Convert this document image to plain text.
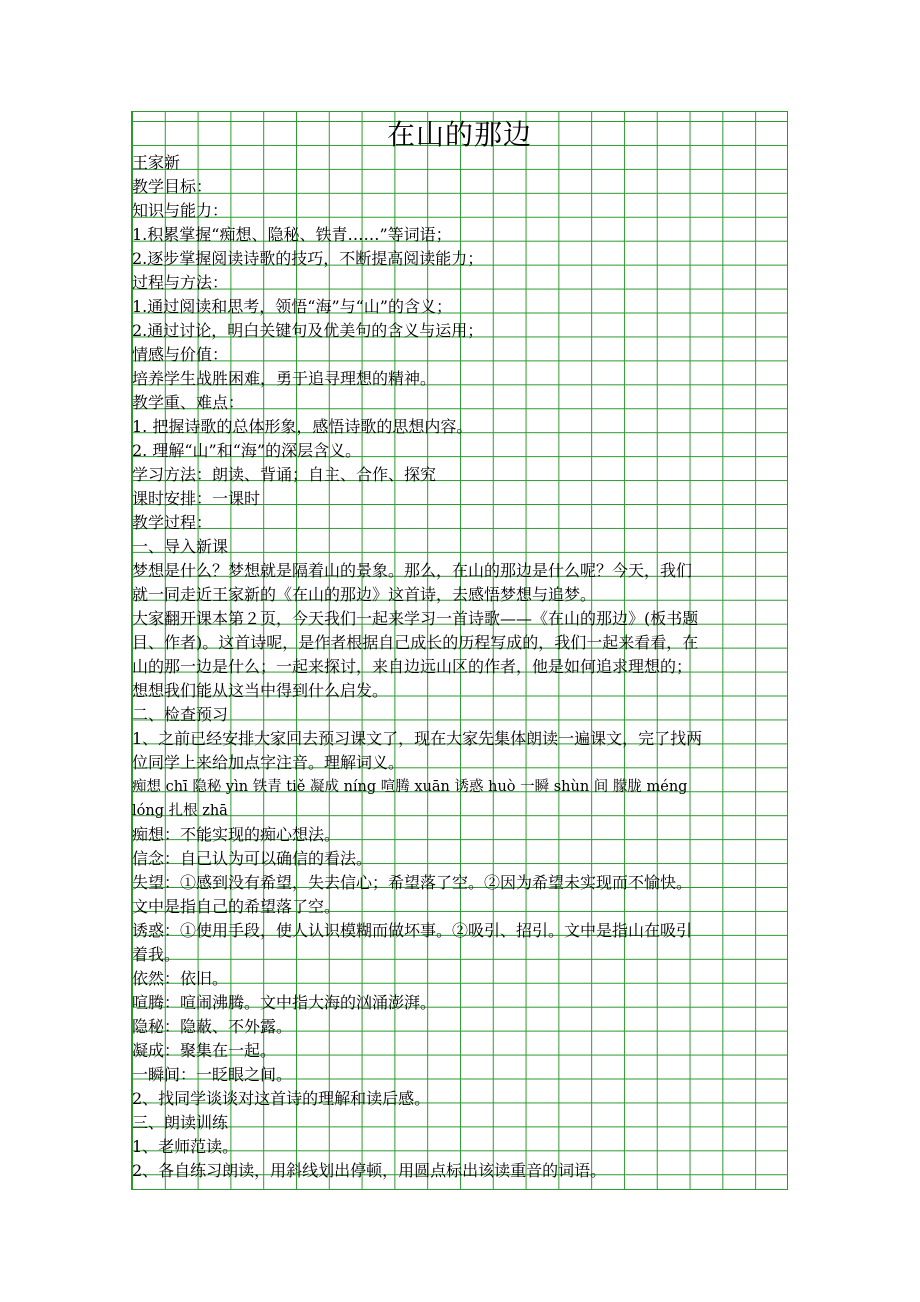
在山的那边
王家新
教学目标：
知识与能力：
1.积累掌握“痴想、隐秘、铁青……”等词语；
2.逐步掌握阅读诗歌的技巧，不断提高阅读能力；
过程与方法：
1.通过阅读和思考，领悟“海”与“山”的含义；
2.通过讨论，明白关键句及优美句的含义与运用；
情感与价值：
培养学生战胜困难，勇于追寻理想的精神。
教学重、难点：
1. 把握诗歌的总体形象，感悟诗歌的思想内容。
2. 理解“山”和“海”的深层含义。
学习方法：朗读、背诵；自主、合作、探究
课时安排：一课时
教学过程：
一、导入新课
梦想是什么？梦想就是隔着山的景象。那么，在山的那边是什么呢？今天，我们
就一同走近王家新的《在山的那边》这首诗，去感悟梦想与追梦。
大家翻开课本第２页，今天我们一起来学习一首诗歌——《在山的那边》(板书题
目、作者)。这首诗呢，是作者根据自己成长的历程写成的，我们一起来看看，在
山的那一边是什么；一起来探讨，来自边远山区的作者，他是如何追求理想的；
想想我们能从这当中得到什么启发。
二、检查预习
1、之前已经安排大家回去预习课文了，现在大家先集体朗读一遍课文，完了找两
位同学上来给加点字注音。理解词义。
痴想 chī 隐秘 yìn 铁青 tiě 凝成 níng 喧腾 xuān 诱惑 huò 一瞬 shùn 间 朦胧 méng
lóng 扎根 zhā
痴想：不能实现的痴心想法。
信念：自己认为可以确信的看法。
失望：①感到没有希望，失去信心；希望落了空。②因为希望未实现而不愉快。
文中是指自己的希望落了空。
诱惑：①使用手段，使人认识模糊而做坏事。②吸引、招引。文中是指山在吸引
着我。
依然：依旧。
喧腾：喧闹沸腾。文中指大海的汹涌澎湃。
隐秘：隐蔽、不外露。
凝成：聚集在一起。
一瞬间：一眨眼之间。
2、找同学谈谈对这首诗的理解和读后感。
三、朗读训练
1、老师范读。
2、各自练习朗读，用斜线划出停顿，用圆点标出该读重音的词语。
